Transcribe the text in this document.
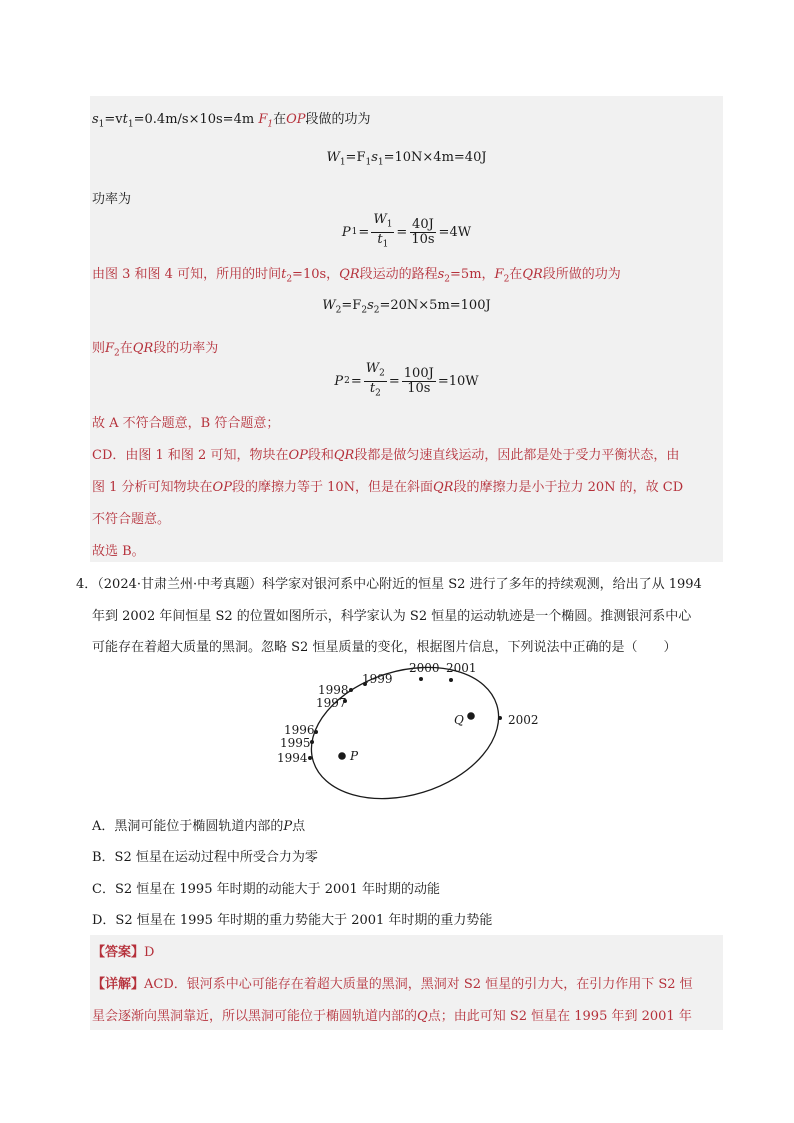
$s_1=vt_1=0.4m/s\times 10s=4m$ $F_1$在OP段做的功为
$W_1=F_1s_1=10N\times 4m=40J$
功率为
P $1 = \frac{W_1}{t_1} = \frac{40J}{10s} =4W$
由图 3 和图 4 可知，所用的时间$t_2=10s$，QR段运动的路程$s_2=5m$，$F_2$在QR段所做的功为
$W_2=F_2s_2=20N\times 5m=100J$
则$F_2$在QR段的功率为
P $2 = \frac{W_2}{t_2} = \frac{100J}{10s} =10W$
故 A 不符合题意，B 符合题意；
CD．由图 1 和图 2 可知，物块在OP段和QR段都是做匀速直线运动，因此都是处于受力平衡状态，由
图 1 分析可知物块在OP段的摩擦力等于 10N，但是在斜面QR段的摩擦力是小于拉力 20N 的，故 CD
不符合题意。
故选 B。
4．（2024·甘肃兰州·中考真题）科学家对银河系中心附近的恒星 S2 进行了多年的持续观测，给出了从 1994
年到 2002 年间恒星 S2 的位置如图所示，科学家认为 S2 恒星的运动轨迹是一个椭圆。推测银河系中心
可能存在着超大质量的黑洞。忽略 S2 恒星质量的变化，根据图片信息，下列说法中正确的是（　　）
1999
1998
1997
1996
1995
1994
2000 2001
2002
P
Q
A．黑洞可能位于椭圆轨道内部的P点
B．S2 恒星在运动过程中所受合力为零
C．S2 恒星在 1995 年时期的动能大于 2001 年时期的动能
D．S2 恒星在 1995 年时期的重力势能大于 2001 年时期的重力势能
【答案】D
【详解】ACD．银河系中心可能存在着超大质量的黑洞，黑洞对 S2 恒星的引力大，在引力作用下 S2 恒
星会逐渐向黑洞靠近，所以黑洞可能位于椭圆轨道内部的Q点；由此可知 S2 恒星在 1995 年到 2001 年
